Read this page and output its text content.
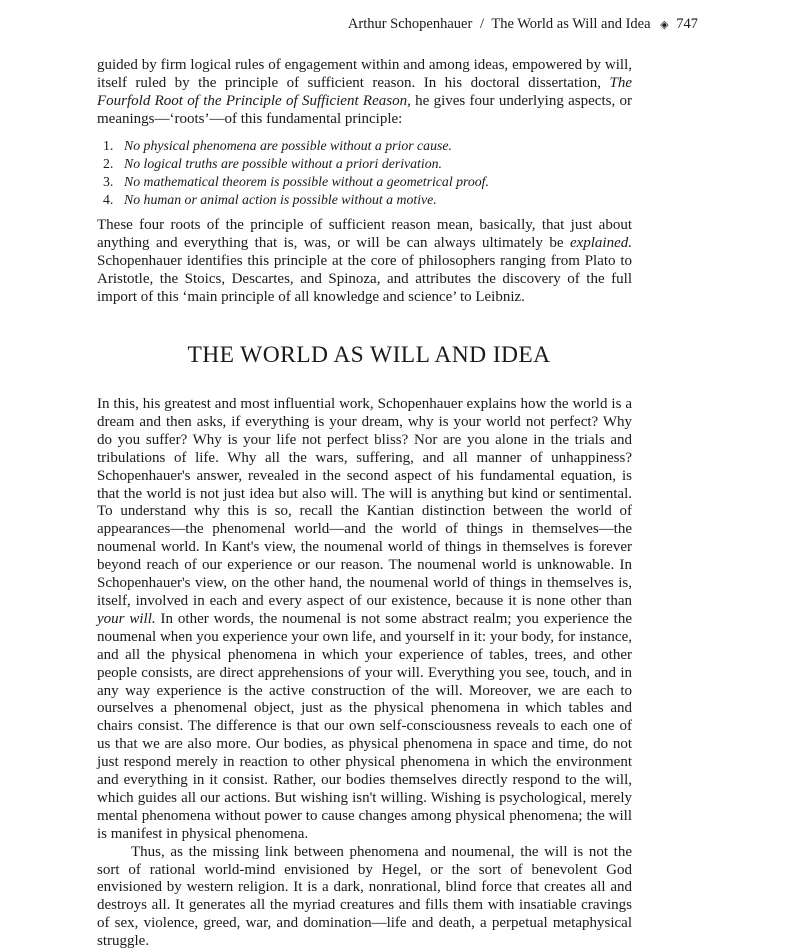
Arthur Schopenhauer / The World as Will and Idea ◈ 747

guided by firm logical rules of engagement within and among ideas, empowered by will, itself ruled by the principle of sufficient reason. In his doctoral dissertation, The Fourfold Root of the Principle of Sufficient Reason, he gives four underlying aspects, or meanings—‘roots’—of this fundamental principle:

1. No physical phenomena are possible without a prior cause.
2. No logical truths are possible without a priori derivation.
3. No mathematical theorem is possible without a geometrical proof.
4. No human or animal action is possible without a motive.

These four roots of the principle of sufficient reason mean, basically, that just about anything and everything that is, was, or will be can always ultimately be explained. Schopenhauer identifies this principle at the core of philosophers ranging from Plato to Aristotle, the Stoics, Descartes, and Spinoza, and attributes the discovery of the full import of this ‘main principle of all knowledge and science’ to Leibniz.

THE WORLD AS WILL AND IDEA

In this, his greatest and most influential work, Schopenhauer explains how the world is a dream and then asks, if everything is your dream, why is your world not perfect? Why do you suffer? Why is your life not perfect bliss? Nor are you alone in the trials and tribulations of life. Why all the wars, suffering, and all manner of unhappiness? Schopenhauer's answer, revealed in the second aspect of his fundamental equation, is that the world is not just idea but also will. The will is anything but kind or sentimental. To understand why this is so, recall the Kantian distinction between the world of appearances—the phenomenal world—and the world of things in themselves—the noumenal world. In Kant's view, the noumenal world of things in themselves is forever beyond reach of our experience or our reason. The noumenal world is unknowable. In Schopenhauer's view, on the other hand, the noumenal world of things in themselves is, itself, involved in each and every aspect of our existence, because it is none other than your will. In other words, the noumenal is not some abstract realm; you experience the noumenal when you experience your own life, and yourself in it: your body, for instance, and all the physical phenomena in which your experience of tables, trees, and other people consists, are direct apprehensions of your will. Everything you see, touch, and in any way experience is the active construction of the will. Moreover, we are each to ourselves a phenomenal object, just as the physical phenomena in which tables and chairs consist. The difference is that our own self-consciousness reveals to each one of us that we are also more. Our bodies, as physical phenomena in space and time, do not just respond merely in reaction to other physical phenomena in which the environment and everything in it consist. Rather, our bodies themselves directly respond to the will, which guides all our actions. But wishing isn't willing. Wishing is psychological, merely mental phenomena without power to cause changes among physical phenomena; the will is manifest in physical phenomena.

Thus, as the missing link between phenomena and noumenal, the will is not the sort of rational world-mind envisioned by Hegel, or the sort of benevolent God envisioned by western religion. It is a dark, nonrational, blind force that creates all and destroys all. It generates all the myriad creatures and fills them with insatiable cravings of sex, violence, greed, war, and domination—life and death, a perpetual metaphysical struggle.
